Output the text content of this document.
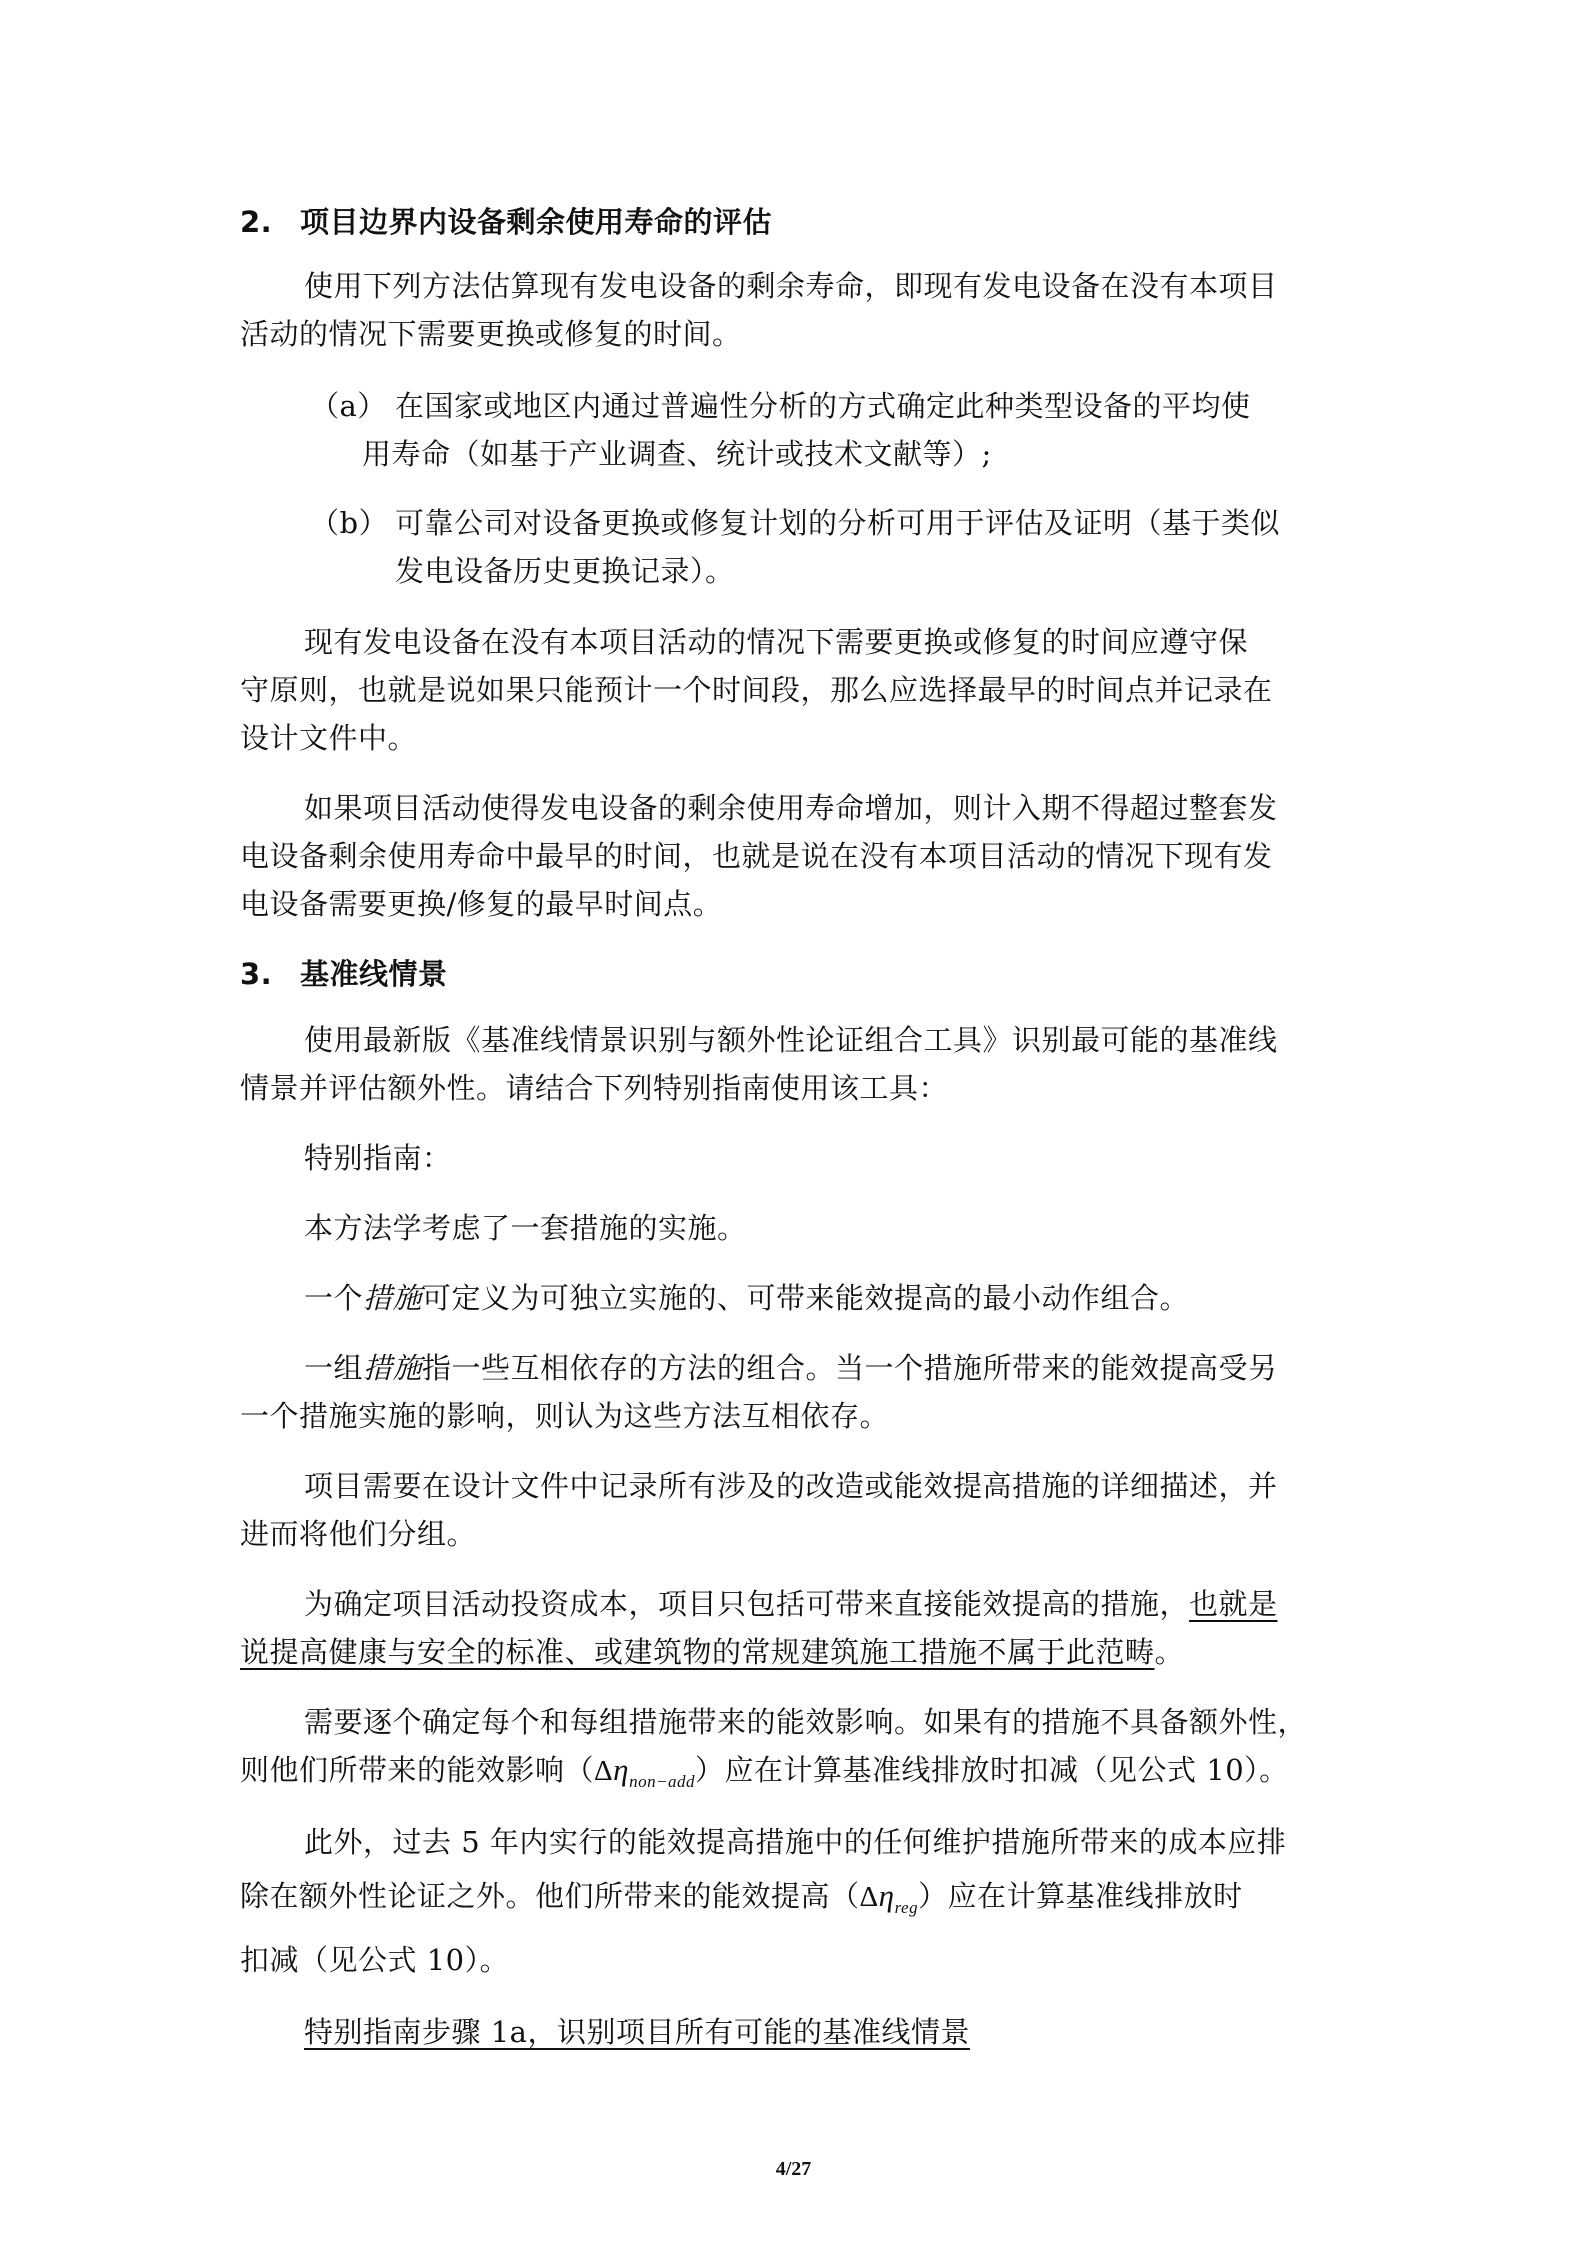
2. 项目边界内设备剩余使用寿命的评估
使用下列方法估算现有发电设备的剩余寿命，即现有发电设备在没有本项目
活动的情况下需要更换或修复的时间。
（a） 在国家或地区内通过普遍性分析的方式确定此种类型设备的平均使
用寿命（如基于产业调查、统计或技术文献等）;
（b） 可靠公司对设备更换或修复计划的分析可用于评估及证明（基于类似
发电设备历史更换记录）。
现有发电设备在没有本项目活动的情况下需要更换或修复的时间应遵守保
守原则，也就是说如果只能预计一个时间段，那么应选择最早的时间点并记录在
设计文件中。
如果项目活动使得发电设备的剩余使用寿命增加，则计入期不得超过整套发
电设备剩余使用寿命中最早的时间，也就是说在没有本项目活动的情况下现有发
电设备需要更换/修复的最早时间点。
3. 基准线情景
使用最新版《基准线情景识别与额外性论证组合工具》识别最可能的基准线
情景并评估额外性。请结合下列特别指南使用该工具：
特别指南：
本方法学考虑了一套措施的实施。
一个措施可定义为可独立实施的、可带来能效提高的最小动作组合。
一组措施指一些互相依存的方法的组合。当一个措施所带来的能效提高受另
一个措施实施的影响，则认为这些方法互相依存。
项目需要在设计文件中记录所有涉及的改造或能效提高措施的详细描述，并
进而将他们分组。
为确定项目活动投资成本，项目只包括可带来直接能效提高的措施，也就是
说提高健康与安全的标准、或建筑物的常规建筑施工措施不属于此范畴。
需要逐个确定每个和每组措施带来的能效影响。如果有的措施不具备额外性，
则他们所带来的能效影响$(\Delta\eta_{non-add})$应在计算基准线排放时扣减（见公式 10）。
此外，过去 5 年内实行的能效提高措施中的任何维护措施所带来的成本应排
除在额外性论证之外。他们所带来的能效提高$(\Delta\eta_{reg})$应在计算基准线排放时
扣减（见公式 10）。
特别指南步骤 1a，识别项目所有可能的基准线情景
4/27
